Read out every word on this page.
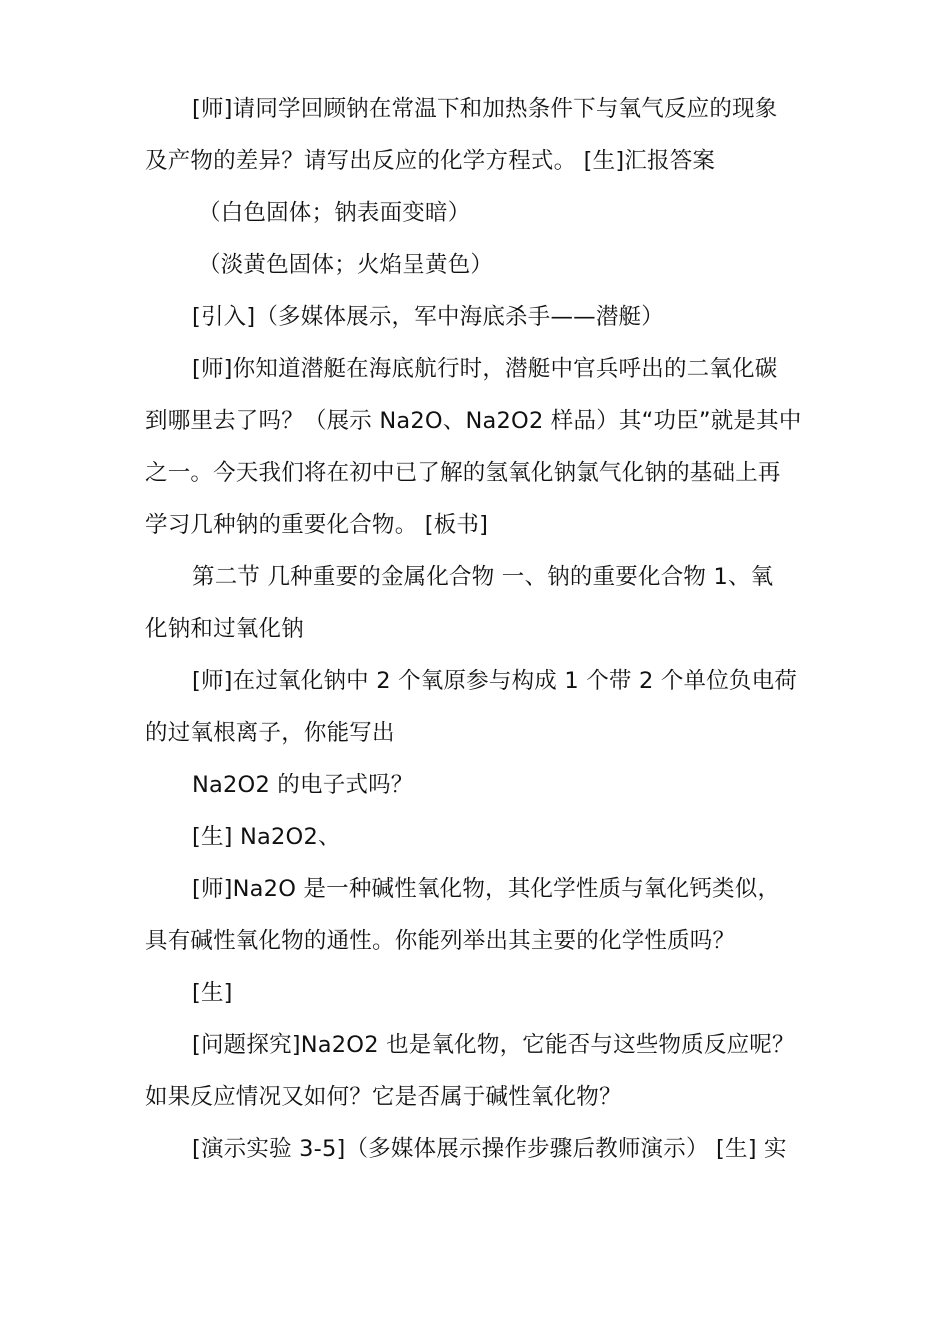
[师]请同学回顾钠在常温下和加热条件下与氧气反应的现象
及产物的差异？请写出反应的化学方程式。 [生]汇报答案
（白色固体；钠表面变暗）
（淡黄色固体；火焰呈黄色）
[引入]（多媒体展示，军中海底杀手——潜艇）
[师]你知道潜艇在海底航行时，潜艇中官兵呼出的二氧化碳
到哪里去了吗？（展示 Na2O、Na2O2 样品）其“功臣”就是其中
之一。今天我们将在初中已了解的氢氧化钠氯气化钠的基础上再
学习几种钠的重要化合物。 [板书]
第二节 几种重要的金属化合物 一、钠的重要化合物 1、氧
化钠和过氧化钠
[师]在过氧化钠中 2 个氧原参与构成 1 个带 2 个单位负电荷
的过氧根离子，你能写出
Na2O2 的电子式吗？
[生] Na2O2、
[师]Na2O 是一种碱性氧化物，其化学性质与氧化钙类似，
具有碱性氧化物的通性。你能列举出其主要的化学性质吗？
[生]
[问题探究]Na2O2 也是氧化物，它能否与这些物质反应呢？
如果反应情况又如何？它是否属于碱性氧化物？
[演示实验 3-5]（多媒体展示操作步骤后教师演示） [生] 实
